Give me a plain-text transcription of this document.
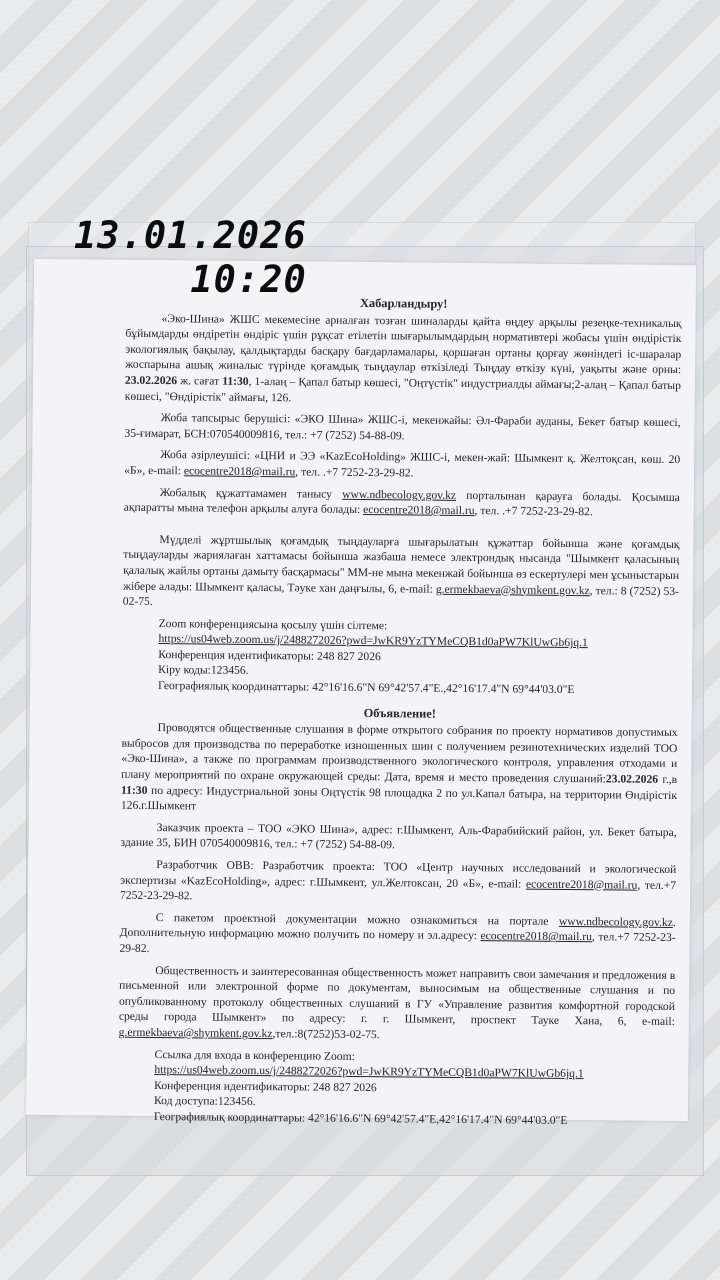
13.01.2026
10:20
Хабарландыру!

«Эко-Шина» ЖШС мекемесіне арналған тозған шиналарды қайта өңдеу арқылы резеңке-техникалық бұйымдарды өндіретін өндіріс үшін рұқсат етілетін шығарылымдардың нормативтері жобасы үшін өндірістік экологиялық бақылау, қалдықтарды басқару бағдарламалары, қоршаған ортаны қорғау жөніндегі іс-шаралар жоспарына ашық жиналыс түрінде қоғамдық тыңдаулар өткізіледі Тыңдау өткізу күні, уақыты және орны: 23.02.2026 ж. сағат 11:30, 1-алаң – Қапал батыр көшесі, "Оңтүстік" индустриалды аймағы;2-алаң – Қапал батыр көшесі, "Өндірістік" аймағы, 126.

Жоба тапсырыс берушісі: «ЭКО Шина» ЖШС-і, мекенжайы: Әл-Фараби ауданы, Бекет батыр көшесі, 35-ғимарат, БСН:070540009816, тел.: +7 (7252) 54-88-09.

Жоба әзірлеушісі: «ЦНИ и ЭЭ «KazEcoHolding» ЖШС-і, мекен-жай: Шымкент қ. Желтоқсан, көш. 20 «Б», e-mail: ecocentre2018@mail.ru, тел. .+7 7252-23-29-82.

Жобалық құжаттамамен танысу www.ndbecology.gov.kz порталынан қарауға болады. Қосымша ақпаратты мына телефон арқылы алуға болады: ecocentre2018@mail.ru, тел. .+7 7252-23-29-82.

Мүдделі жұртшылық қоғамдық тыңдауларға шығарылатын құжаттар бойынша және қоғамдық тыңдауларды жариялаған хаттамасы бойынша жазбаша немесе электрондық нысанда "Шымкент қаласының қалалық жайлы ортаны дамыту басқармасы" ММ-не мына мекенжай бойынша өз ескертулері мен ұсыныстарын жібере алады: Шымкент қаласы, Тәуке хан даңғылы, 6, e-mail: g.ermekbaeva@shymkent.gov.kz, тел.: 8 (7252) 53-02-75.

Zoom конференциясына қосылу үшін сілтеме:
https://us04web.zoom.us/j/2488272026?pwd=JwKR9YzTYMeCQB1d0aPW7KlUwGb6jq.1
Конференция идентификаторы: 248 827 2026
Кіру коды:123456.
Географиялық координаттары: 42°16'16.6"N 69°42'57.4"E.,42°16'17.4"N 69°44'03.0"E
Объявление!

Проводятся общественные слушания в форме открытого собрания по проекту нормативов допустимых выбросов для производства по переработке изношенных шин с получением резинотехнических изделий ТОО «Эко-Шина», а также по программам производственного экологического контроля, управления отходами и плану мероприятий по охране окружающей среды: Дата, время и место проведения слушаний:23.02.2026 г.,в 11:30 по адресу: Индустриальной зоны Оңтүстік 98 площадка 2 по ул.Капал батыра, на территории Өндірістік 126.г.Шымкент

Заказчик проекта – ТОО «ЭКО Шина», адрес: г.Шымкент, Аль-Фарабийский район, ул. Бекет батыра, здание 35, БИН 070540009816, тел.: +7 (7252) 54-88-09.

Разработчик ОВВ: Разработчик проекта: ТОО «Центр научных исследований и экологической экспертизы «KazEcoHolding», адрес: г.Шымкент, ул.Желтоксан, 20 «Б», e-mail: ecocentre2018@mail.ru, тел.+7 7252-23-29-82.

С пакетом проектной документации можно ознакомиться на портале www.ndbecology.gov.kz. Дополнительную информацию можно получить по номеру и эл.адресу: ecocentre2018@mail.ru, тел.+7 7252-23-29-82.

Общественность и заинтересованная общественность может направить свои замечания и предложения в письменной или электронной форме по документам, выносимым на общественные слушания и по опубликованному протоколу общественных слушаний в ГУ «Управление развития комфортной городской среды города Шымкент» по адресу: г. г. Шымкент, проспект Тауке Хана, 6, e-mail: g.ermekbaeva@shymkent.gov.kz,тел.:8(7252)53-02-75.

Ссылка для входа в конференцию Zoom:
https://us04web.zoom.us/j/2488272026?pwd=JwKR9YzTYMeCQB1d0aPW7KlUwGb6jq.1
Конференция идентификаторы: 248 827 2026
Код доступа:123456.
Географиялық координаттары: 42°16'16.6"N 69°42'57.4"E,42°16'17.4"N 69°44'03.0"E
